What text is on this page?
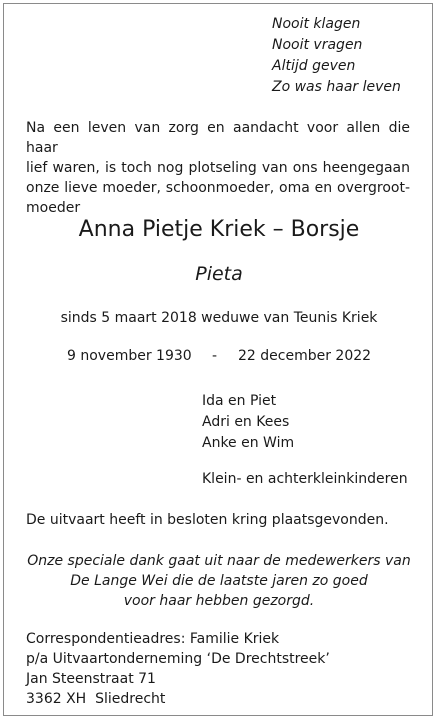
Nooit klagen
Nooit vragen
Altijd geven
Zo was haar leven
Na een leven van zorg en aandacht voor allen die haar
lief waren, is toch nog plotseling van ons heengegaan
onze lieve moeder, schoonmoeder, oma en overgroot-
moeder
Anna Pietje Kriek – Borsje
Pieta
sinds 5 maart 2018 weduwe van Teunis Kriek
9 november 1930 - 22 december 2022
Ida en Piet
Adri en Kees
Anke en Wim
Klein- en achterkleinkinderen
De uitvaart heeft in besloten kring plaatsgevonden.
Onze speciale dank gaat uit naar de medewerkers van
De Lange Wei die de laatste jaren zo goed
voor haar hebben gezorgd.
Correspondentieadres: Familie Kriek
p/a Uitvaartonderneming ‘De Drechtstreek’
Jan Steenstraat 71
3362 XH  Sliedrecht
